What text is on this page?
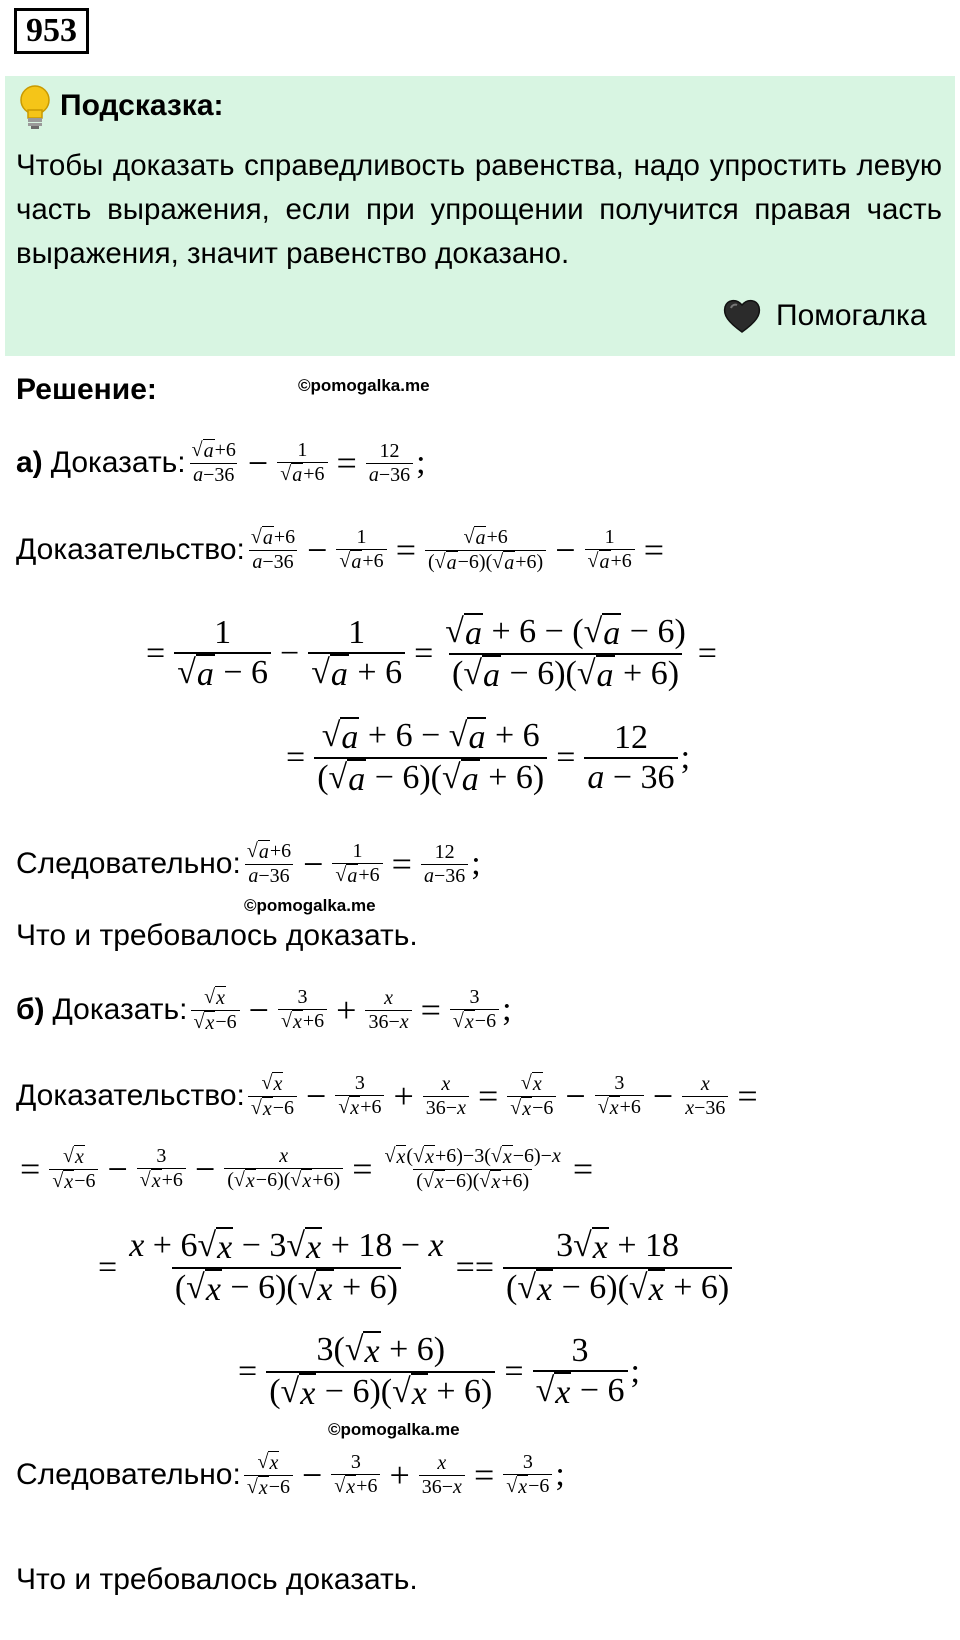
953
Подсказка:
Чтобы доказать справедливость равенства, надо упростить левую часть выражения, если при упрощении получится правая часть выражения, значит равенство доказано.
Помогалка
Решение:	©pomogalka.me
а) Доказать: √ a +6
$a-36 - \frac{1}{√ a +6} = \frac{12}{a-36}$ ;
Доказательство: √ a +6
$a-36 - \frac{1}{√ a +6} = \frac{√ a +6}{( √ a -6)( √ a +6)} - \frac{1}{√ a +6}$ =
= $\frac{1}{√ a - 6} - \frac{1}{√ a + 6} = \frac{√ a + 6 - ( √ a - 6)}{( √ a - 6)( √ a + 6)}$ =
= $\frac{√ a + 6 - √ a + 6}{( √ a - 6)( √ a + 6)} = \frac{12}{a - 36}$ ;
Следовательно: √ a +6
$a-36 - \frac{1}{√ a +6} = \frac{12}{a-36}$ ;
©pomogalka.me
Что и требовалось доказать.
б) Доказать: √ x
√ $x -6 - \frac{3}{√ x +6} + \frac{x}{36-x} = \frac{3}{√ x -6}$ ;
Доказательство: √ x
√ $x -6 - \frac{3}{√ x +6} + \frac{x}{36-x} = \frac{√ x}{√ x -6} - \frac{3}{√ x +6} - \frac{x}{x-36}$ =
= $\frac{√ x}{√ x -6} - \frac{3}{√ x +6} - \frac{x}{( √ x -6)( √ x +6)} = \frac{√ x ( √ x +6)-3( √ x -6)-x}{( √ x -6)( √ x +6)}$ =
= $\frac{x + 6 √ x - 3 √ x + 18 - x}{( √ x - 6)( √ x + 6)} == \frac{3 √ x + 18}{( √ x - 6)( √ x + 6)}$
= $\frac{3( √ x + 6)}{( √ x - 6)( √ x + 6)} = \frac{3}{√ x - 6}$ ;
©pomogalka.me
Следовательно: √ x
√ $x -6 - \frac{3}{√ x +6} + \frac{x}{36-x} = \frac{3}{√ x -6}$ ;
Что и требовалось доказать.
